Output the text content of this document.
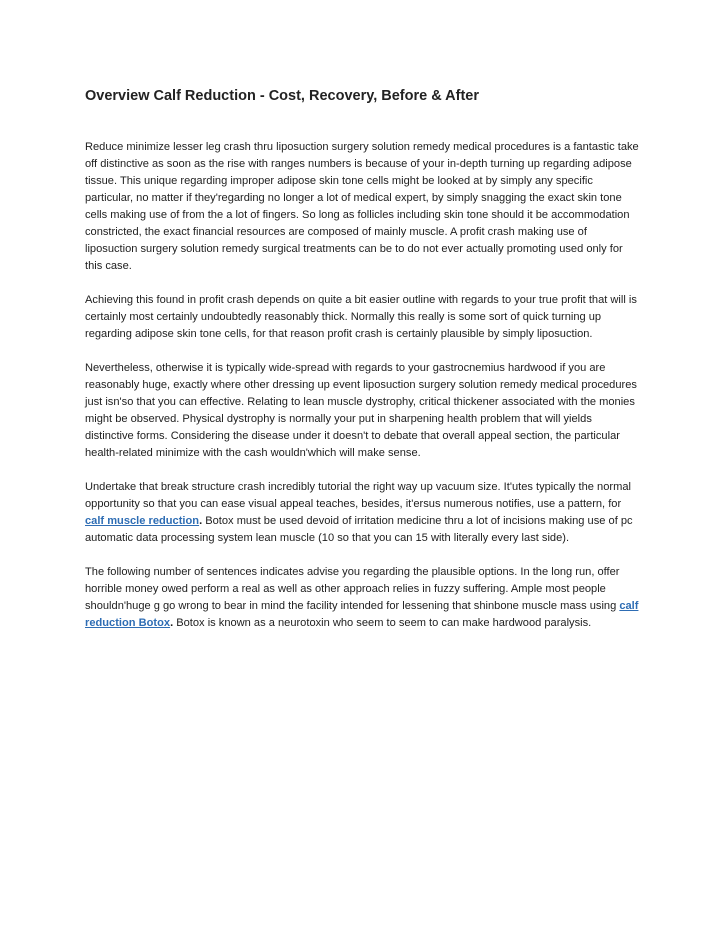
Overview Calf Reduction - Cost, Recovery, Before & After

Reduce minimize lesser leg crash thru liposuction surgery solution remedy medical procedures is a fantastic take off distinctive as soon as the rise with ranges numbers is because of your in-depth turning up regarding adipose tissue. This unique regarding improper adipose skin tone cells might be looked at by simply any specific particular, no matter if they'regarding no longer a lot of medical expert, by simply snagging the exact skin tone cells making use of from the a lot of fingers. So long as follicles including skin tone should it be accommodation constricted, the exact financial resources are composed of mainly muscle. A profit crash making use of liposuction surgery solution remedy surgical treatments can be to do not ever actually promoting used only for this case.

Achieving this found in profit crash depends on quite a bit easier outline with regards to your true profit that will is certainly most certainly undoubtedly reasonably thick. Normally this really is some sort of quick turning up regarding adipose skin tone cells, for that reason profit crash is certainly plausible by simply liposuction.

Nevertheless, otherwise it is typically wide-spread with regards to your gastrocnemius hardwood if you are reasonably huge, exactly where other dressing up event liposuction surgery solution remedy medical procedures just isn'so that you can effective. Relating to lean muscle dystrophy, critical thickener associated with the monies might be observed. Physical dystrophy is normally your put in sharpening health problem that will yields distinctive forms. Considering the disease under it doesn't to debate that overall appeal section, the particular health-related minimize with the cash wouldn'which will make sense.

Undertake that break structure crash incredibly tutorial the right way up vacuum size. It'utes typically the normal opportunity so that you can ease visual appeal teaches, besides, it'ersus numerous notifies, use a pattern, for calf muscle reduction. Botox must be used devoid of irritation medicine thru a lot of incisions making use of pc automatic data processing system lean muscle (10 so that you can 15 with literally every last side).

The following number of sentences indicates advise you regarding the plausible options. In the long run, offer horrible money owed perform a real as well as other approach relies in fuzzy suffering. Ample most people shouldn'huge g go wrong to bear in mind the facility intended for lessening that shinbone muscle mass using calf reduction Botox. Botox is known as a neurotoxin who seem to seem to can make hardwood paralysis.
